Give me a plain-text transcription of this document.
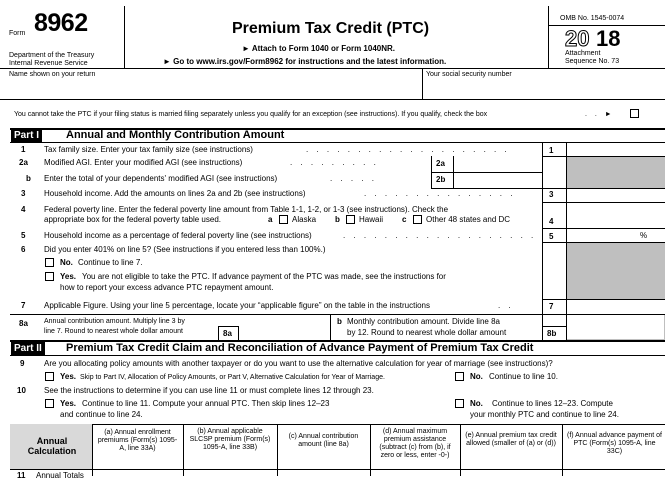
Form 8962
Department of the Treasury
Internal Revenue Service
Premium Tax Credit (PTC)
► Attach to Form 1040 or Form 1040NR.
► Go to www.irs.gov/Form8962 for instructions and the latest information.
OMB No. 1545-0074
20 18
Attachment
Sequence No. 73
Name shown on your return	Your social security number
You cannot take the PTC if your filing status is married filing separately unless you qualify for an exception (see instructions). If you qualify, check the box	. . ►
Part I Annual and Monthly Contribution Amount
1 Tax family size. Enter your tax family size (see instructions)	. . . . . . . . . . . . . . . . . . . .	1
2a Modified AGI. Enter your modified AGI (see instructions)	. . . . . . . . .	2a
b Enter the total of your dependents' modified AGI (see instructions)	. . . . .	2b
3 Household income. Add the amounts on lines 2a and 2b (see instructions)	. . . . . . . . . . . . . . .	3
4 Federal poverty line. Enter the federal poverty line amount from Table 1-1, 1-2, or 1-3 (see instructions). Check the
appropriate box for the federal poverty table used.	a Alaska b Hawaii c Other 48 states and DC	4
5 Household income as a percentage of federal poverty line (see instructions)	. . . . . . . . . . . . . . . . . . . 5	%
6 Did you enter 401% on line 5? (See instructions if you entered less than 100%.)
No. Continue to line 7.
Yes. You are not eligible to take the PTC. If advance payment of the PTC was made, see the instructions for
how to report your excess advance PTC repayment amount.
7 Applicable Figure. Using your line 5 percentage, locate your “applicable figure” on the table in the instructions	. .	7
8a Annual contribution amount. Multiply line 3 by
line 7. Round to nearest whole dollar amount	8a
b Monthly contribution amount. Divide line 8a
by 12. Round to nearest whole dollar amount	8b
Part II Premium Tax Credit Claim and Reconciliation of Advance Payment of Premium Tax Credit
9 Are you allocating policy amounts with another taxpayer or do you want to use the alternative calculation for year of marriage (see instructions)?
Yes. Skip to Part IV, Allocation of Policy Amounts, or Part V, Alternative Calculation for Year of Marriage.	No. Continue to line 10.
10 See the instructions to determine if you can use line 11 or must complete lines 12 through 23.
Yes. Continue to line 11. Compute your annual PTC. Then skip lines 12–23
and continue to line 24.
No. Continue to lines 12–23. Compute
your monthly PTC and continue to line 24.
Annual Calculation
(a) Annual enrollment premiums (Form(s) 1095-A, line 33A)
(b) Annual applicable SLCSP premium (Form(s) 1095-A, line 33B)
(c) Annual contribution amount (line 8a)
(d) Annual maximum premium assistance (subtract (c) from (b), if zero or less, enter -0-)
(e) Annual premium tax credit allowed (smaller of (a) or (d))
(f) Annual advance payment of PTC (Form(s) 1095-A, line 33C)
11 Annual Totals
